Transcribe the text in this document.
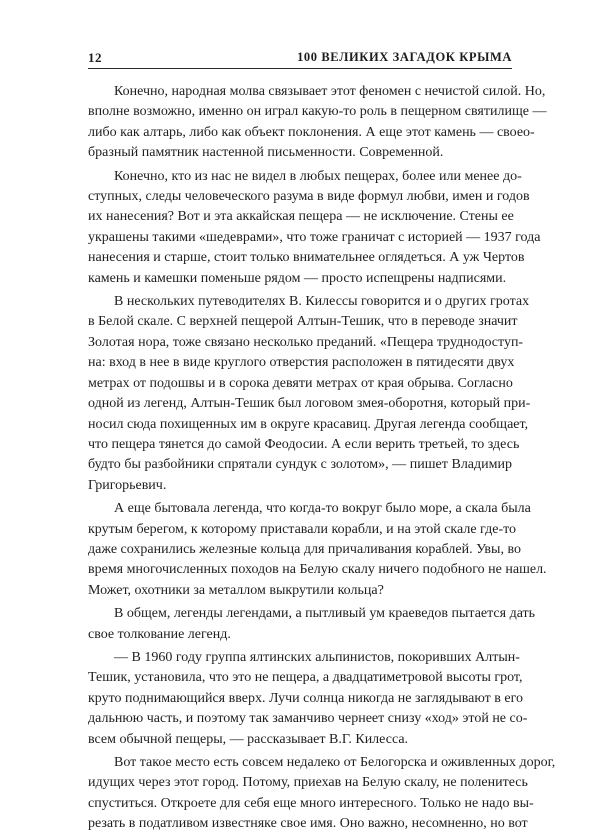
12	100 ВЕЛИКИХ ЗАГАДОК КРЫМА
Конечно, народная молва связывает этот феномен с нечистой силой. Но,
вполне возможно, именно он играл какую-то роль в пещерном святилище —
либо как алтарь, либо как объект поклонения. А еще этот камень — своео-
бразный памятник настенной письменности. Современной.
Конечно, кто из нас не видел в любых пещерах, более или менее до-
ступных, следы человеческого разума в виде формул любви, имен и годов
их нанесения? Вот и эта аккайская пещера — не исключение. Стены ее
украшены такими «шедеврами», что тоже граничат с историей — 1937 года
нанесения и старше, стоит только внимательнее оглядеться. А уж Чертов
камень и камешки поменьше рядом — просто испещрены надписями.
В нескольких путеводителях В. Килессы говорится и о других гротах
в Белой скале. С верхней пещерой Алтын-Тешик, что в переводе значит
Золотая нора, тоже связано несколько преданий. «Пещера труднодоступ-
на: вход в нее в виде круглого отверстия расположен в пятидесяти двух
метрах от подошвы и в сорока девяти метрах от края обрыва. Согласно
одной из легенд, Алтын-Тешик был логовом змея-оборотня, который при-
носил сюда похищенных им в округе красавиц. Другая легенда сообщает,
что пещера тянется до самой Феодосии. А если верить третьей, то здесь
будто бы разбойники спрятали сундук с золотом», — пишет Владимир
Григорьевич.
А еще бытовала легенда, что когда-то вокруг было море, а скала была
крутым берегом, к которому приставали корабли, и на этой скале где-то
даже сохранились железные кольца для причаливания кораблей. Увы, во
время многочисленных походов на Белую скалу ничего подобного не нашел.
Может, охотники за металлом выкрутили кольца?
В общем, легенды легендами, а пытливый ум краеведов пытается дать
свое толкование легенд.
— В 1960 году группа ялтинских альпинистов, покоривших Алтын-
Тешик, установила, что это не пещера, а двадцатиметровой высоты грот,
круто поднимающийся вверх. Лучи солнца никогда не заглядывают в его
дальнюю часть, и поэтому так заманчиво чернеет снизу «ход» этой не со-
всем обычной пещеры, — рассказывает В.Г. Килесса.
Вот такое место есть совсем недалеко от Белогорска и оживленных дорог,
идущих через этот город. Потому, приехав на Белую скалу, не поленитесь
спуститься. Откроете для себя еще много интересного. Только не надо вы-
резать в податливом известняке свое имя. Оно важно, несомненно, но вот
